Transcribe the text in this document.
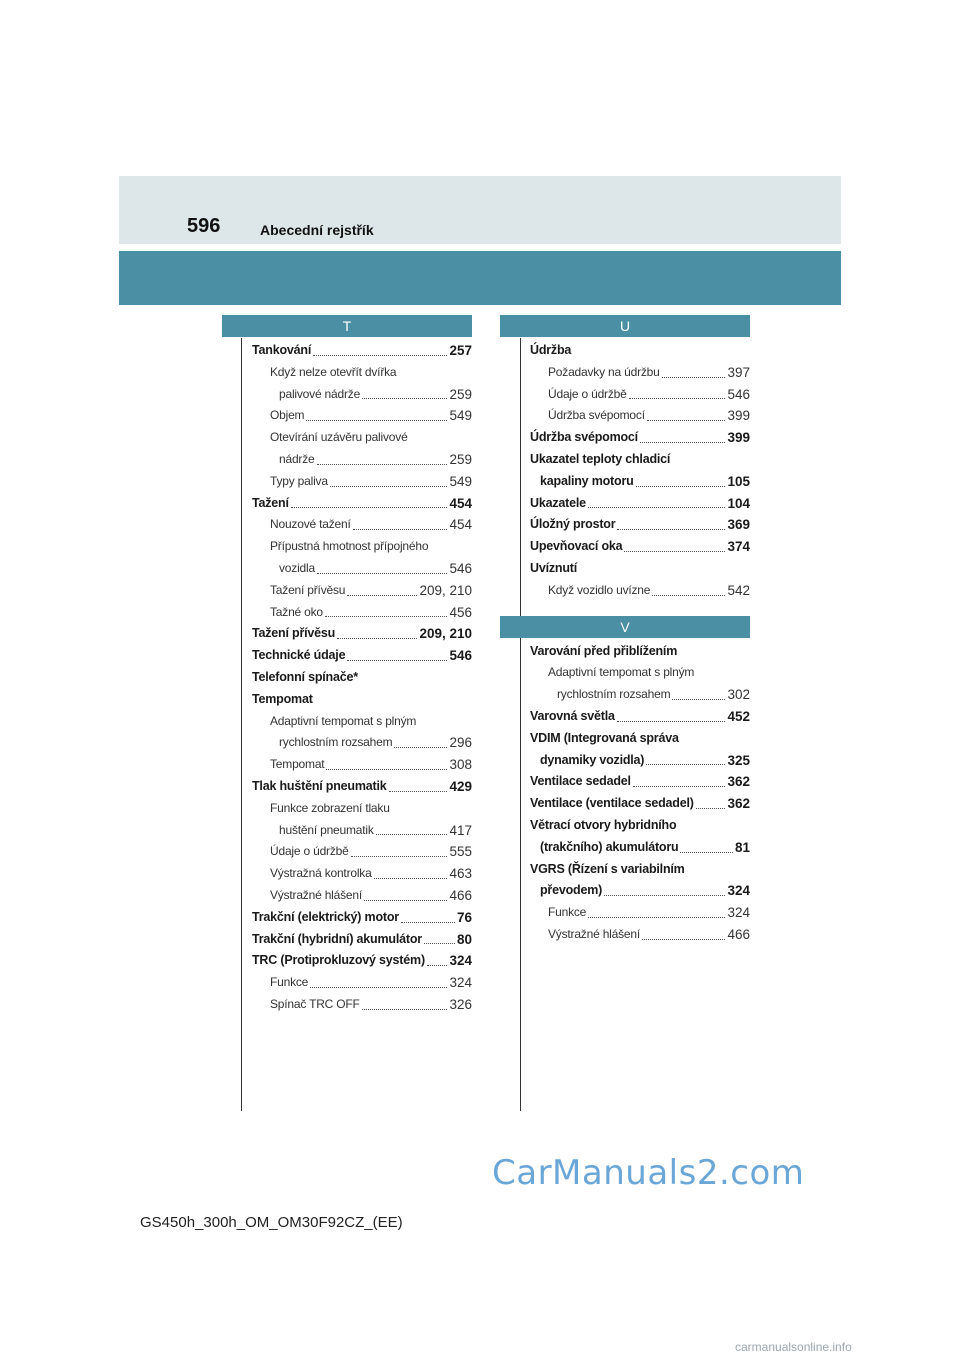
596	Abecední rejstřík
T
Tankování	257
Když nelze otevřít dvířka
palivové nádrže	259
Objem	549
Otevírání uzávěru palivové
nádrže	259
Typy paliva	549
Tažení	454
Nouzové tažení	454
Přípustná hmotnost přípojného
vozidla	546
Tažení přívěsu	209, 210
Tažné oko	456
Tažení přívěsu	209, 210
Technické údaje	546
Telefonní spínače*
Tempomat
Adaptivní tempomat s plným
rychlostním rozsahem	296
Tempomat	308
Tlak huštění pneumatik	429
Funkce zobrazení tlaku
huštění pneumatik	417
Údaje o údržbě	555
Výstražná kontrolka	463
Výstražné hlášení	466
Trakční (elektrický) motor	76
Trakční (hybridní) akumulátor	80
TRC (Protiprokluzový systém) 324
Funkce	324
Spínač TRC OFF	326
U
Údržba
Požadavky na údržbu	397
Údaje o údržbě	546
Údržba svépomocí	399
Údržba svépomocí	399
Ukazatel teploty chladicí
kapaliny motoru	105
Ukazatele	104
Úložný prostor	369
Upevňovací oka	374
Uvíznutí
Když vozidlo uvízne	542
V
Varování před přiblížením
Adaptivní tempomat s plným
rychlostním rozsahem	302
Varovná světla	452
VDIM (Integrovaná správa
dynamiky vozidla)	325
Ventilace sedadel	362
Ventilace (ventilace sedadel) 362
Větrací otvory hybridního
(trakčního) akumulátoru	81
VGRS (Řízení s variabilním
převodem)	324
Funkce	324
Výstražné hlášení	466
GS450h_300h_OM_OM30F92CZ_(EE)
CarManuals2.com
carmanualsonline.info
